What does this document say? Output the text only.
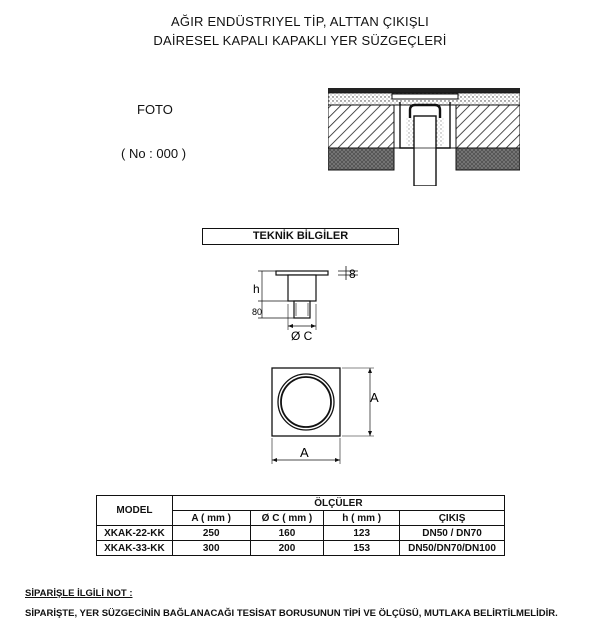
AĞIR ENDÜSTRIYEL TİP, ALTTAN ÇIKIŞLI
DAİRESEL KAPALI KAPAKLI YER SÜZGEÇLERİ
FOTO
( No : 000 )
TEKNİK BİLGİLER
8
h
80
Ø C
A
A
MODEL	ÖLÇÜLER			
	A ( mm )	Ø C ( mm )	h ( mm )	ÇIKIŞ
XKAK-22-KK	250	160	123	DN50 / DN70
XKAK-33-KK	300	200	153	DN50/DN70/DN100
SİPARİŞLE İLGİLİ NOT :
SİPARİŞTE, YER SÜZGECİNİN BAĞLANACAĞI TESİSAT BORUSUNUN TİPİ VE ÖLÇÜSÜ, MUTLAKA BELİRTİLMELİDİR.
